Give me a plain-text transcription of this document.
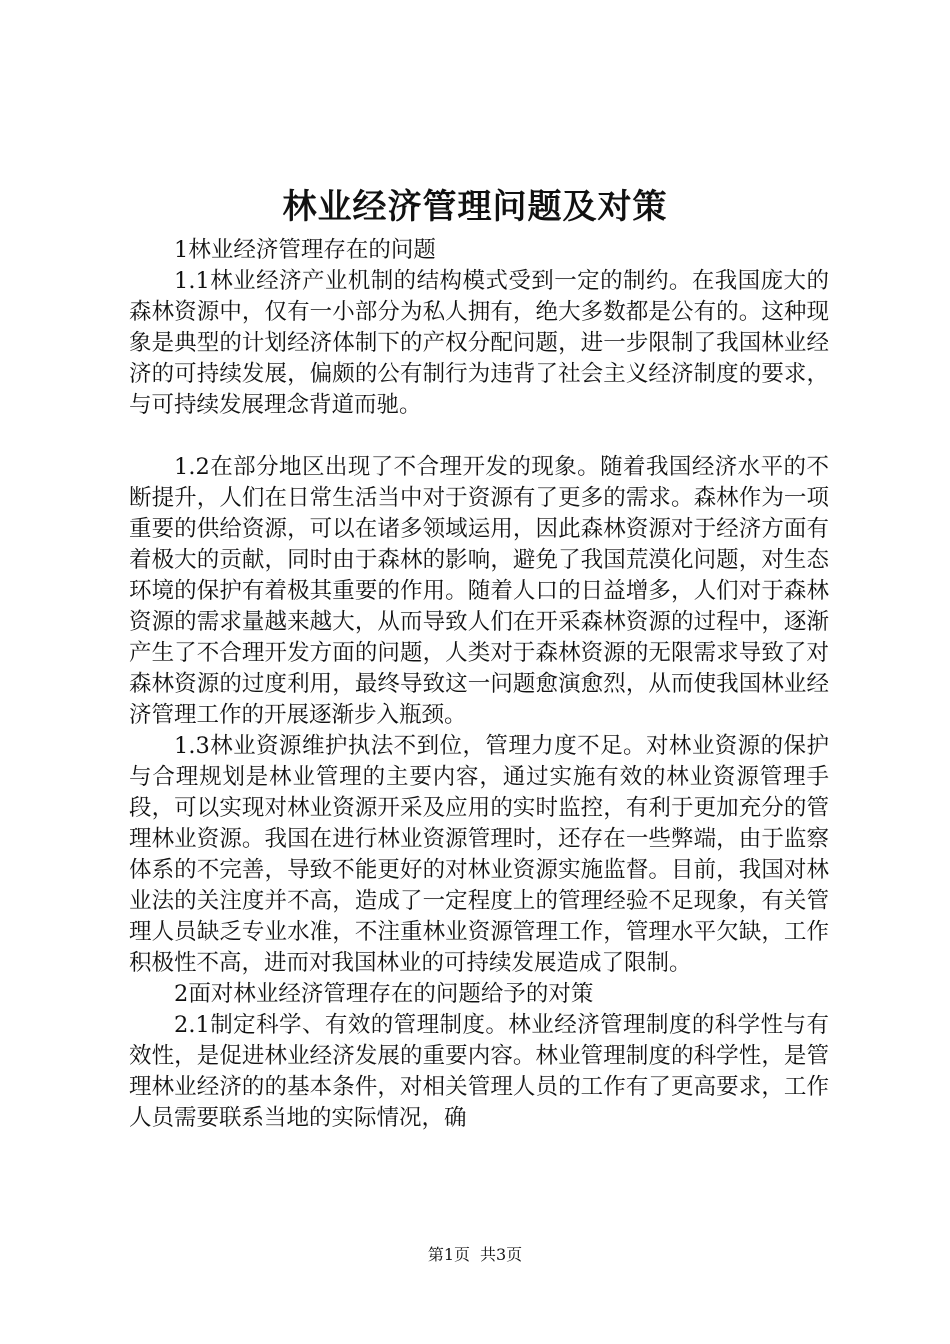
林业经济管理问题及对策

1林业经济管理存在的问题

1.1林业经济产业机制的结构模式受到一定的制约。在我国庞大的森林资源中，仅有一小部分为私人拥有，绝大多数都是公有的。这种现象是典型的计划经济体制下的产权分配问题，进一步限制了我国林业经济的可持续发展，偏颇的公有制行为违背了社会主义经济制度的要求，与可持续发展理念背道而驰。

1.2在部分地区出现了不合理开发的现象。随着我国经济水平的不断提升，人们在日常生活当中对于资源有了更多的需求。森林作为一项重要的供给资源，可以在诸多领域运用，因此森林资源对于经济方面有着极大的贡献，同时由于森林的影响，避免了我国荒漠化问题，对生态环境的保护有着极其重要的作用。随着人口的日益增多，人们对于森林资源的需求量越来越大，从而导致人们在开采森林资源的过程中，逐渐产生了不合理开发方面的问题，人类对于森林资源的无限需求导致了对森林资源的过度利用，最终导致这一问题愈演愈烈，从而使我国林业经济管理工作的开展逐渐步入瓶颈。

1.3林业资源维护执法不到位，管理力度不足。对林业资源的保护与合理规划是林业管理的主要内容，通过实施有效的林业资源管理手段，可以实现对林业资源开采及应用的实时监控，有利于更加充分的管理林业资源。我国在进行林业资源管理时，还存在一些弊端，由于监察体系的不完善，导致不能更好的对林业资源实施监督。目前，我国对林业法的关注度并不高，造成了一定程度上的管理经验不足现象，有关管理人员缺乏专业水准，不注重林业资源管理工作，管理水平欠缺，工作积极性不高，进而对我国林业的可持续发展造成了限制。

2面对林业经济管理存在的问题给予的对策

2.1制定科学、有效的管理制度。林业经济管理制度的科学性与有效性，是促进林业经济发展的重要内容。林业管理制度的科学性，是管理林业经济的的基本条件，对相关管理人员的工作有了更高要求，工作人员需要联系当地的实际情况，确

第1页 共3页
